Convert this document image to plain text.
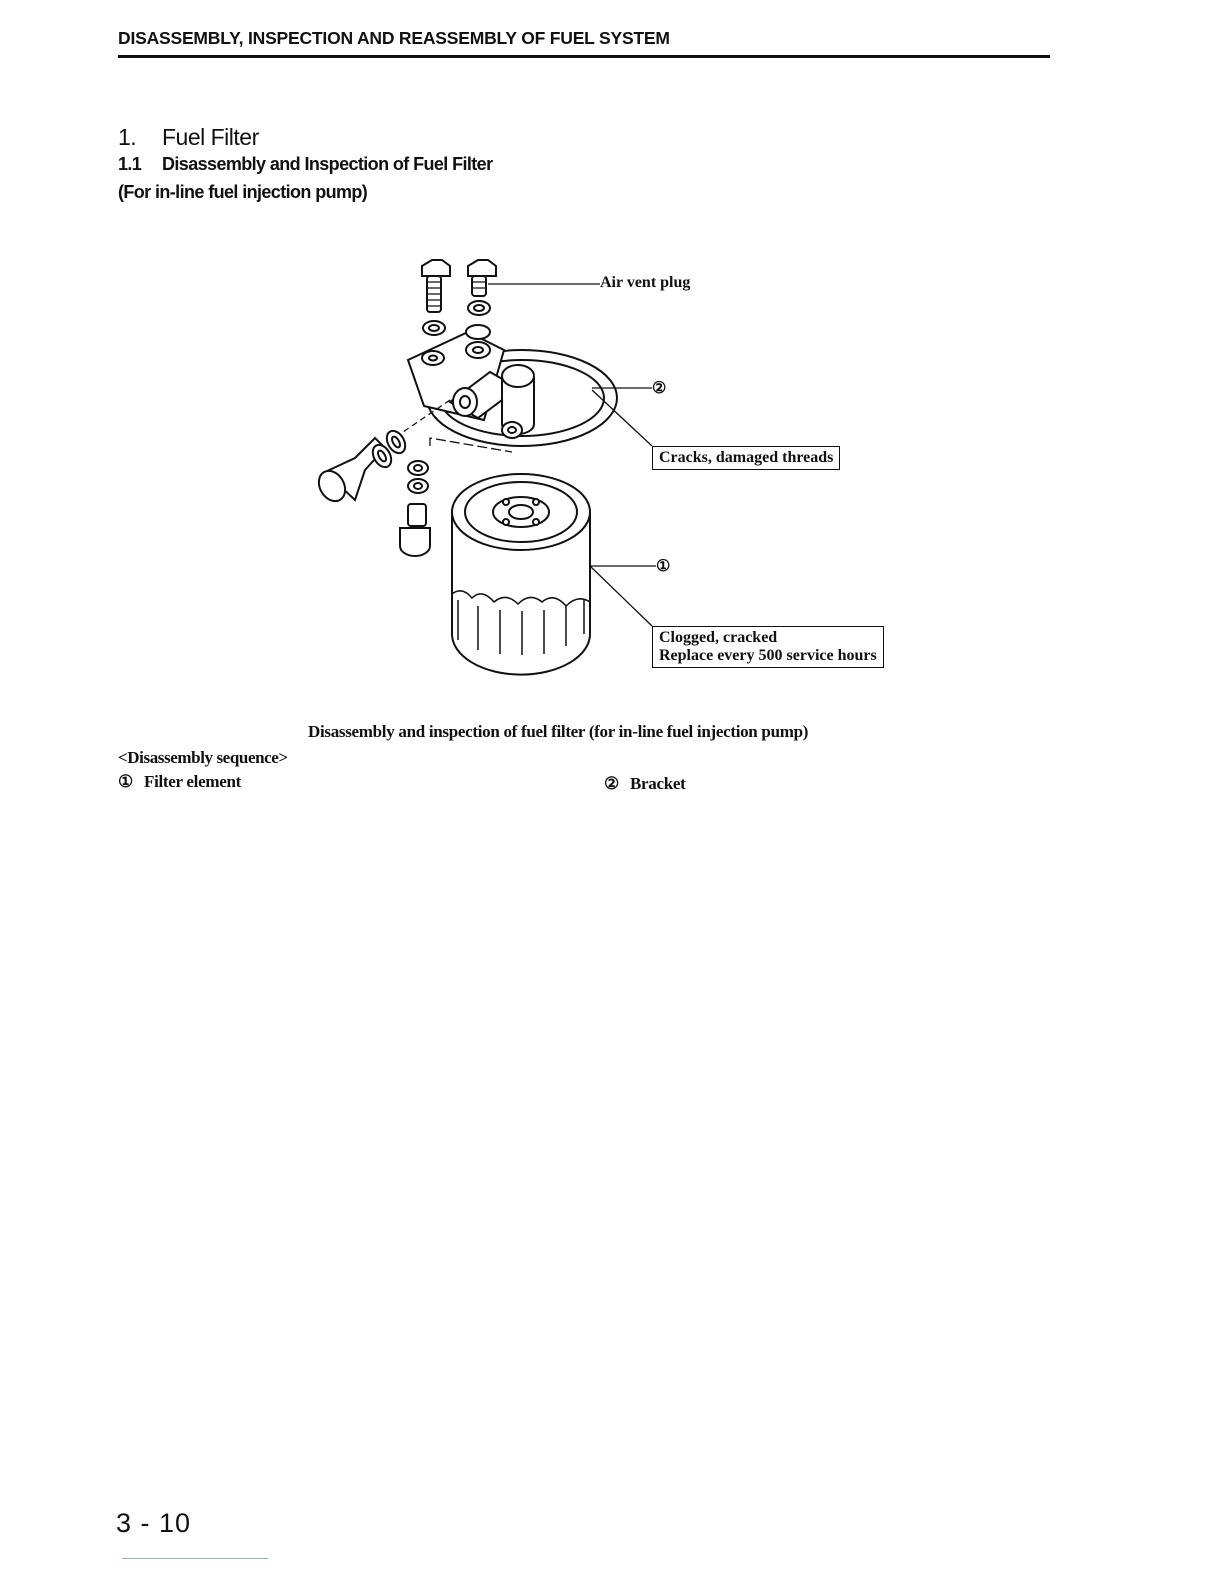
DISASSEMBLY, INSPECTION AND REASSEMBLY OF FUEL SYSTEM
1. Fuel Filter
1.1 Disassembly and Inspection of Fuel Filter
(For in-line fuel injection pump)
Air vent plug
②
Cracks, damaged threads
①
Clogged, cracked
Replace every 500 service hours
Disassembly and inspection of fuel filter (for in-line fuel injection pump)
<Disassembly sequence>
① Filter element	② Bracket
3 - 10
